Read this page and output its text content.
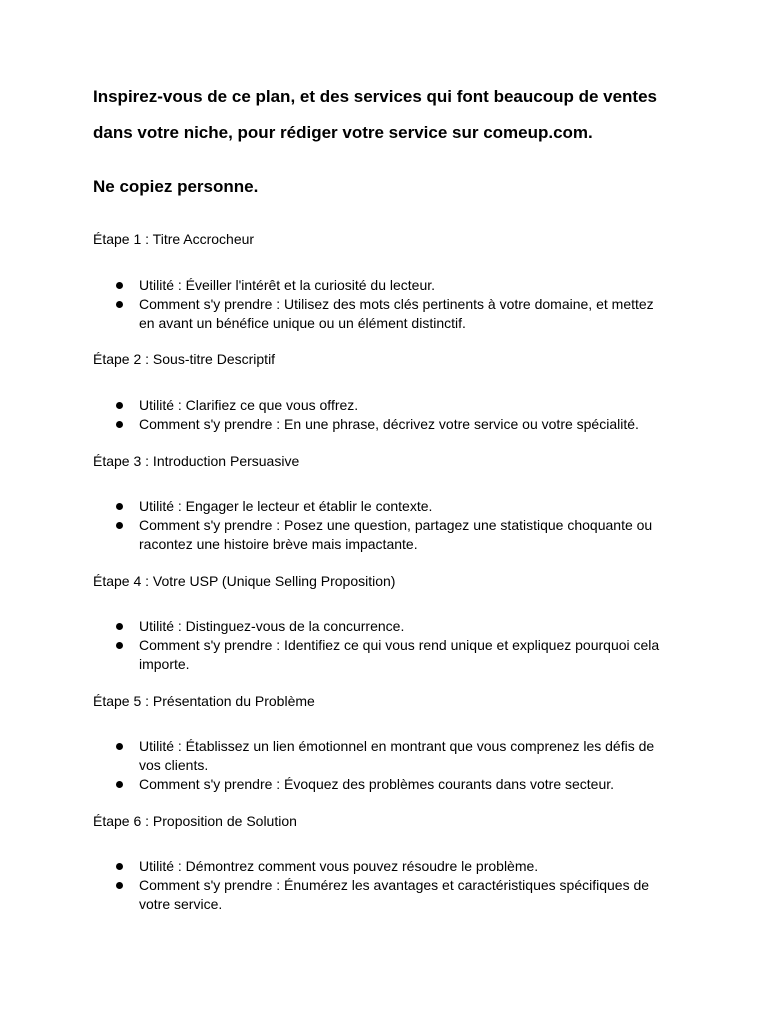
Inspirez-vous de ce plan, et des services qui font beaucoup de ventes
dans votre niche, pour rédiger votre service sur comeup.com.
Ne copiez personne.
Étape 1 : Titre Accrocheur
Utilité : Éveiller l'intérêt et la curiosité du lecteur.
Comment s'y prendre : Utilisez des mots clés pertinents à votre domaine, et mettez en avant un bénéfice unique ou un élément distinctif.
Étape 2 : Sous-titre Descriptif
Utilité : Clarifiez ce que vous offrez.
Comment s'y prendre : En une phrase, décrivez votre service ou votre spécialité.
Étape 3 : Introduction Persuasive
Utilité : Engager le lecteur et établir le contexte.
Comment s'y prendre : Posez une question, partagez une statistique choquante ou racontez une histoire brève mais impactante.
Étape 4 : Votre USP (Unique Selling Proposition)
Utilité : Distinguez-vous de la concurrence.
Comment s'y prendre : Identifiez ce qui vous rend unique et expliquez pourquoi cela importe.
Étape 5 : Présentation du Problème
Utilité : Établissez un lien émotionnel en montrant que vous comprenez les défis de vos clients.
Comment s'y prendre : Évoquez des problèmes courants dans votre secteur.
Étape 6 : Proposition de Solution
Utilité : Démontrez comment vous pouvez résoudre le problème.
Comment s'y prendre : Énumérez les avantages et caractéristiques spécifiques de votre service.
